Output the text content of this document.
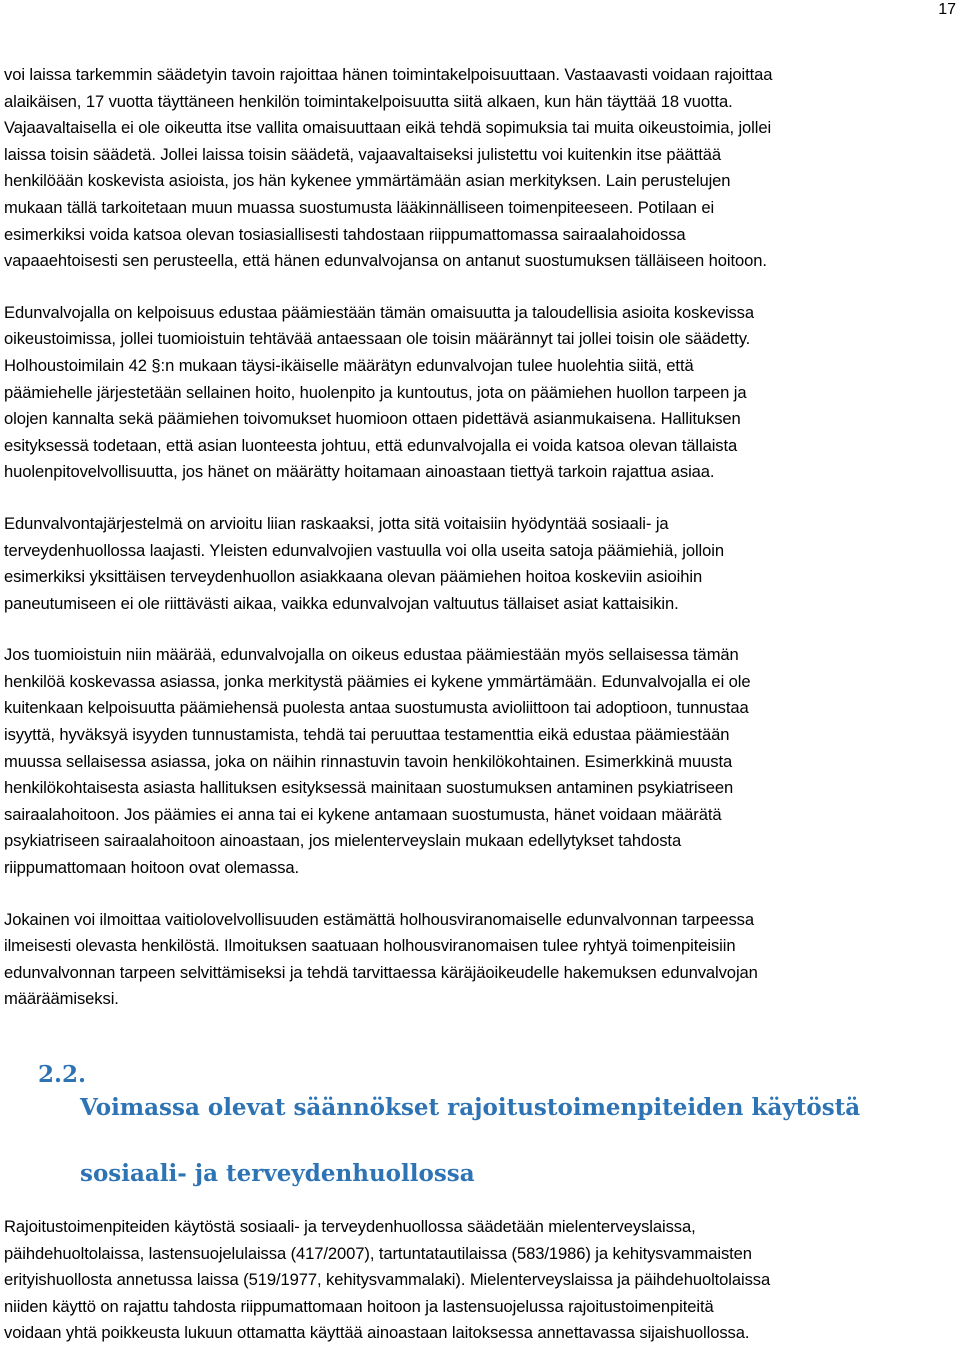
17

voi laissa tarkemmin säädetyin tavoin rajoittaa hänen toimintakelpoisuuttaan. Vastaavasti voidaan rajoittaa
alaikäisen, 17 vuotta täyttäneen henkilön toimintakelpoisuutta siitä alkaen, kun hän täyttää 18 vuotta.
Vajaavaltaisella ei ole oikeutta itse vallita omaisuuttaan eikä tehdä sopimuksia tai muita oikeustoimia, jollei
laissa toisin säädetä. Jollei laissa toisin säädetä, vajaavaltaiseksi julistettu voi kuitenkin itse päättää
henkilöään koskevista asioista, jos hän kykenee ymmärtämään asian merkityksen. Lain perustelujen
mukaan tällä tarkoitetaan muun muassa suostumusta lääkinnälliseen toimenpiteeseen. Potilaan ei
esimerkiksi voida katsoa olevan tosiasiallisesti tahdostaan riippumattomassa sairaalahoidossa
vapaaehtoisesti sen perusteella, että hänen edunvalvojansa on antanut suostumuksen tälläiseen hoitoon.

Edunvalvojalla on kelpoisuus edustaa päämiestään tämän omaisuutta ja taloudellisia asioita koskevissa
oikeustoimissa, jollei tuomioistuin tehtävää antaessaan ole toisin määrännyt tai jollei toisin ole säädetty.
Holhoustoimilain 42 §:n mukaan täysi-ikäiselle määrätyn edunvalvojan tulee huolehtia siitä, että
päämiehelle järjestetään sellainen hoito, huolenpito ja kuntoutus, jota on päämiehen huollon tarpeen ja
olojen kannalta sekä päämiehen toivomukset huomioon ottaen pidettävä asianmukaisena. Hallituksen
esityksessä todetaan, että asian luonteesta johtuu, että edunvalvojalla ei voida katsoa olevan tällaista
huolenpitovelvollisuutta, jos hänet on määrätty hoitamaan ainoastaan tiettyä tarkoin rajattua asiaa.

Edunvalvontajärjestelmä on arvioitu liian raskaaksi, jotta sitä voitaisiin hyödyntää sosiaali- ja
terveydenhuollossa laajasti. Yleisten edunvalvojien vastuulla voi olla useita satoja päämiehiä, jolloin
esimerkiksi yksittäisen terveydenhuollon asiakkaana olevan päämiehen hoitoa koskeviin asioihin
paneutumiseen ei ole riittävästi aikaa, vaikka edunvalvojan valtuutus tällaiset asiat kattaisikin.

Jos tuomioistuin niin määrää, edunvalvojalla on oikeus edustaa päämiestään myös sellaisessa tämän
henkilöä koskevassa asiassa, jonka merkitystä päämies ei kykene ymmärtämään. Edunvalvojalla ei ole
kuitenkaan kelpoisuutta päämiehensä puolesta antaa suostumusta avioliittoon tai adoptioon, tunnustaa
isyyttä, hyväksyä isyyden tunnustamista, tehdä tai peruuttaa testamenttia eikä edustaa päämiestään
muussa sellaisessa asiassa, joka on näihin rinnastuvin tavoin henkilökohtainen. Esimerkkinä muusta
henkilökohtaisesta asiasta hallituksen esityksessä mainitaan suostumuksen antaminen psykiatriseen
sairaalahoitoon. Jos päämies ei anna tai ei kykene antamaan suostumusta, hänet voidaan määrätä
psykiatriseen sairaalahoitoon ainoastaan, jos mielenterveyslain mukaan edellytykset tahdosta
riippumattomaan hoitoon ovat olemassa.

Jokainen voi ilmoittaa vaitiolovelvollisuuden estämättä holhousviranomaiselle edunvalvonnan tarpeessa
ilmeisesti olevasta henkilöstä. Ilmoituksen saatuaan holhousviranomaisen tulee ryhtyä toimenpiteisiin
edunvalvonnan tarpeen selvittämiseksi ja tehdä tarvittaessa käräjäoikeudelle hakemuksen edunvalvojan
määräämiseksi.

2.2.

Voimassa olevat säännökset rajoitustoimenpiteiden käytöstä

sosiaali- ja terveydenhuollossa

Rajoitustoimenpiteiden käytöstä sosiaali- ja terveydenhuollossa säädetään mielenterveyslaissa,
päihdehuoltolaissa, lastensuojelulaissa (417/2007), tartuntatautilaissa (583/1986) ja kehitysvammaisten
erityishuollosta annetussa laissa (519/1977, kehitysvammalaki). Mielenterveyslaissa ja päihdehuoltolaissa
niiden käyttö on rajattu tahdosta riippumattomaan hoitoon ja lastensuojelussa rajoitustoimenpiteitä
voidaan yhtä poikkeusta lukuun ottamatta käyttää ainoastaan laitoksessa annettavassa sijaishuollossa.
